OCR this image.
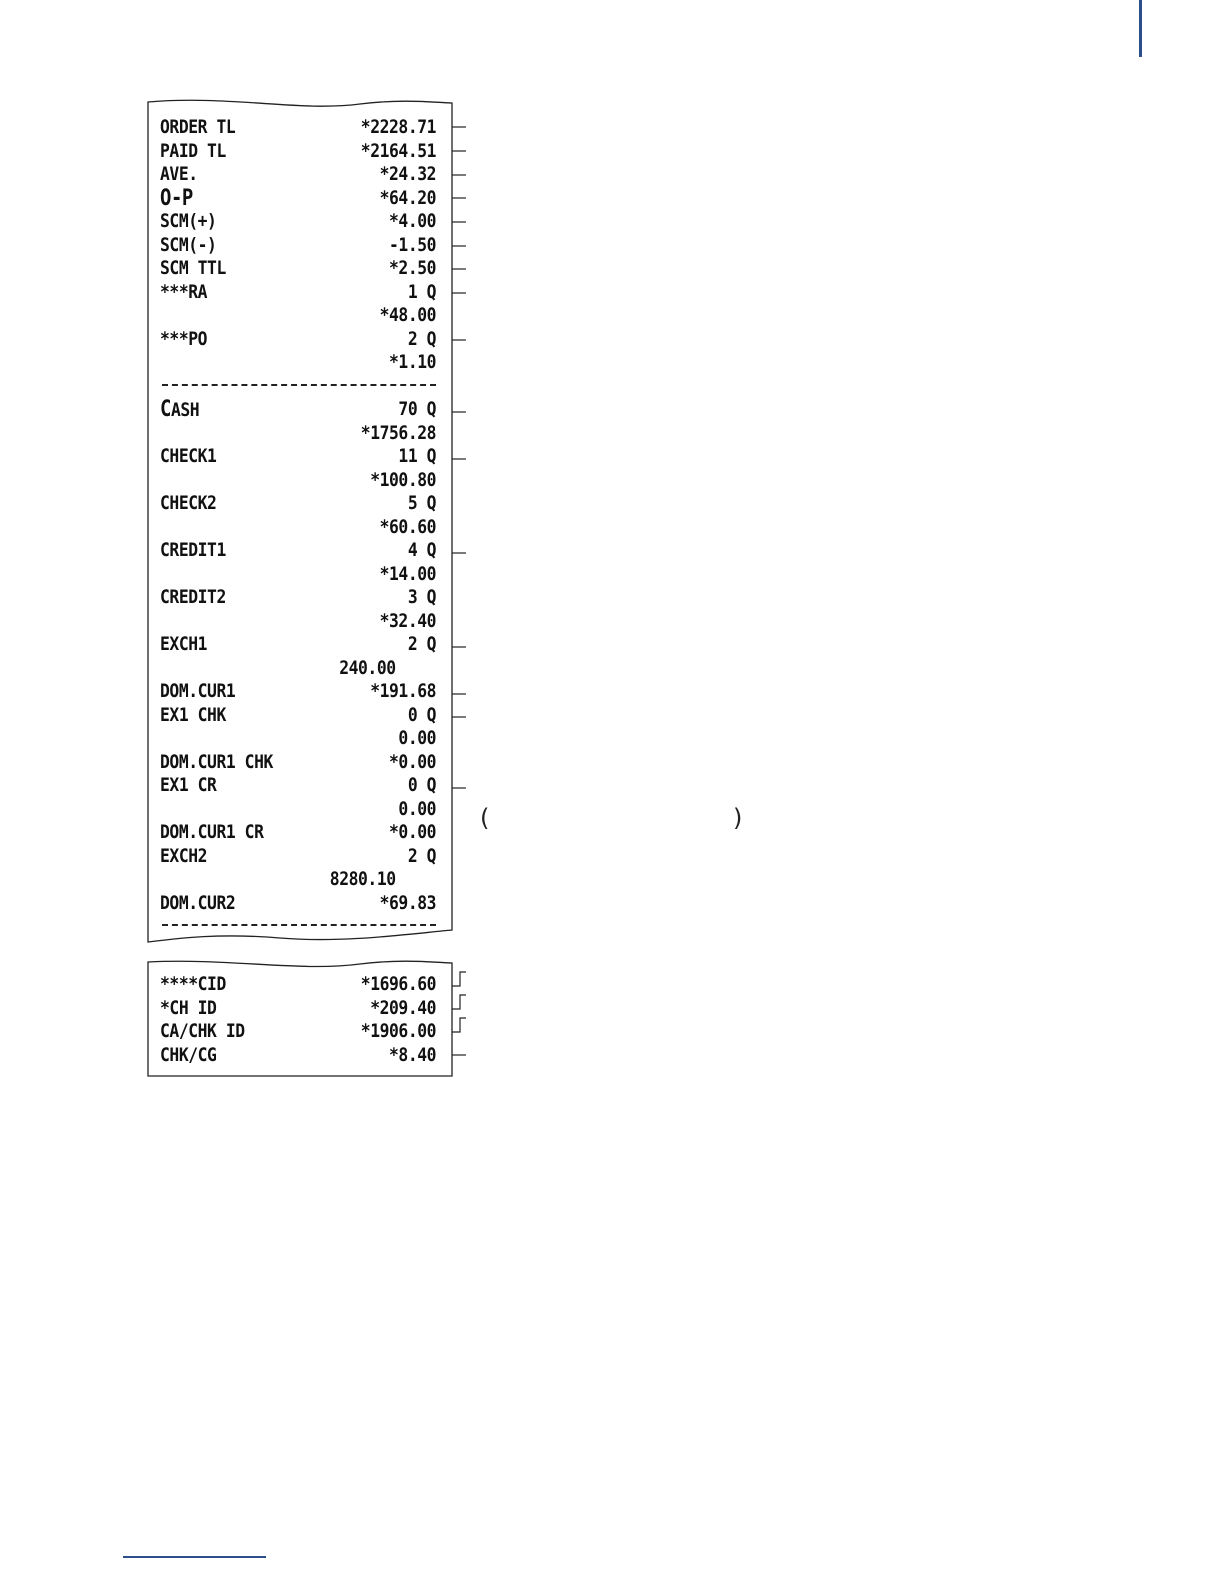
ORDER TL	*2228.71
PAID TL	*2164.51
AVE.	*24.32
O-P	*64.20
SCM(+)	*4.00
SCM(-)	-1.50
SCM TTL	*2.50
***RA	1 Q
*48.00
***PO	2 Q
*1.10
CASH	70 Q
*1756.28
CHECK1	11 Q
*100.80
CHECK2	5 Q
*60.60
CREDIT1	4 Q
*14.00
CREDIT2	3 Q
*32.40
EXCH1	2 Q
240.00
DOM.CUR1	*191.68
EX1 CHK	0 Q
0.00
DOM.CUR1 CHK	*0.00
EX1 CR	0 Q
0.00
DOM.CUR1 CR	*0.00
EXCH2	2 Q
8280.10
DOM.CUR2	*69.83
****CID	*1696.60
*CH ID	*209.40
CA/CHK ID	*1906.00
CHK/CG	*8.40
(	)
